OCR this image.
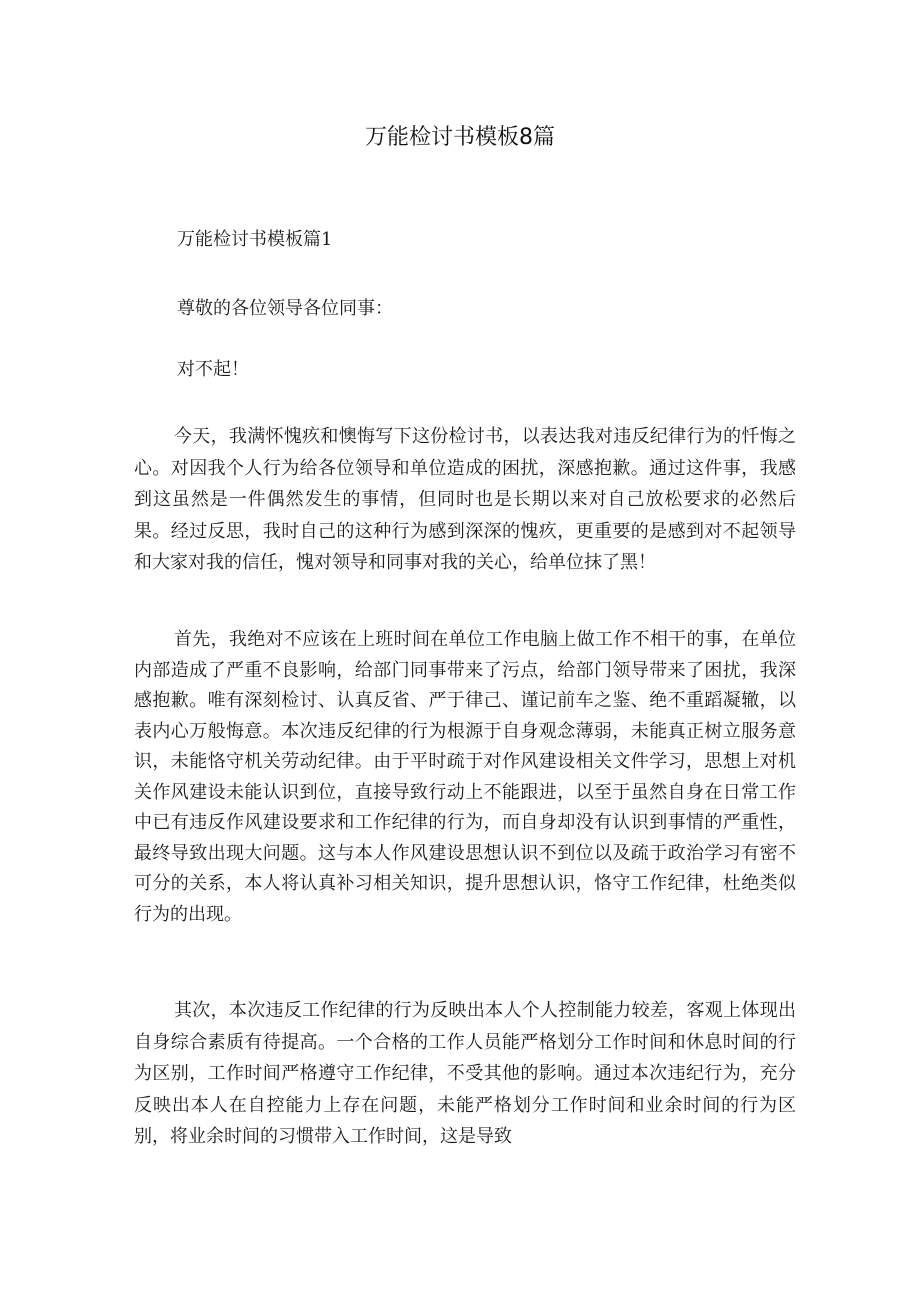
万能检讨书模板8篇
万能检讨书模板篇1
尊敬的各位领导各位同事：
对不起！
今天，我满怀愧疚和懊悔写下这份检讨书，以表达我对违反纪律行为的忏悔之心。对因我个人行为给各位领导和单位造成的困扰，深感抱歉。通过这件事，我感到这虽然是一件偶然发生的事情，但同时也是长期以来对自己放松要求的必然后果。经过反思，我时自己的这种行为感到深深的愧疚，更重要的是感到对不起领导和大家对我的信任，愧对领导和同事对我的关心，给单位抹了黑！
首先，我绝对不应该在上班时间在单位工作电脑上做工作不相干的事，在单位内部造成了严重不良影响，给部门同事带来了污点，给部门领导带来了困扰，我深感抱歉。唯有深刻检讨、认真反省、严于律己、谨记前车之鉴、绝不重蹈凝辙，以表内心万般悔意。本次违反纪律的行为根源于自身观念薄弱，未能真正树立服务意识，未能恪守机关劳动纪律。由于平时疏于对作风建设相关文件学习，思想上对机关作风建设未能认识到位，直接导致行动上不能跟进，以至于虽然自身在日常工作中已有违反作风建设要求和工作纪律的行为，而自身却没有认识到事情的严重性，最终导致出现大问题。这与本人作风建设思想认识不到位以及疏于政治学习有密不可分的关系，本人将认真补习相关知识，提升思想认识，恪守工作纪律，杜绝类似行为的出现。
其次，本次违反工作纪律的行为反映出本人个人控制能力较差，客观上体现出自身综合素质有待提高。一个合格的工作人员能严格划分工作时间和休息时间的行为区别，工作时间严格遵守工作纪律，不受其他的影响。通过本次违纪行为，充分反映出本人在自控能力上存在问题，未能严格划分工作时间和业余时间的行为区别，将业余时间的习惯带入工作时间，这是导致
